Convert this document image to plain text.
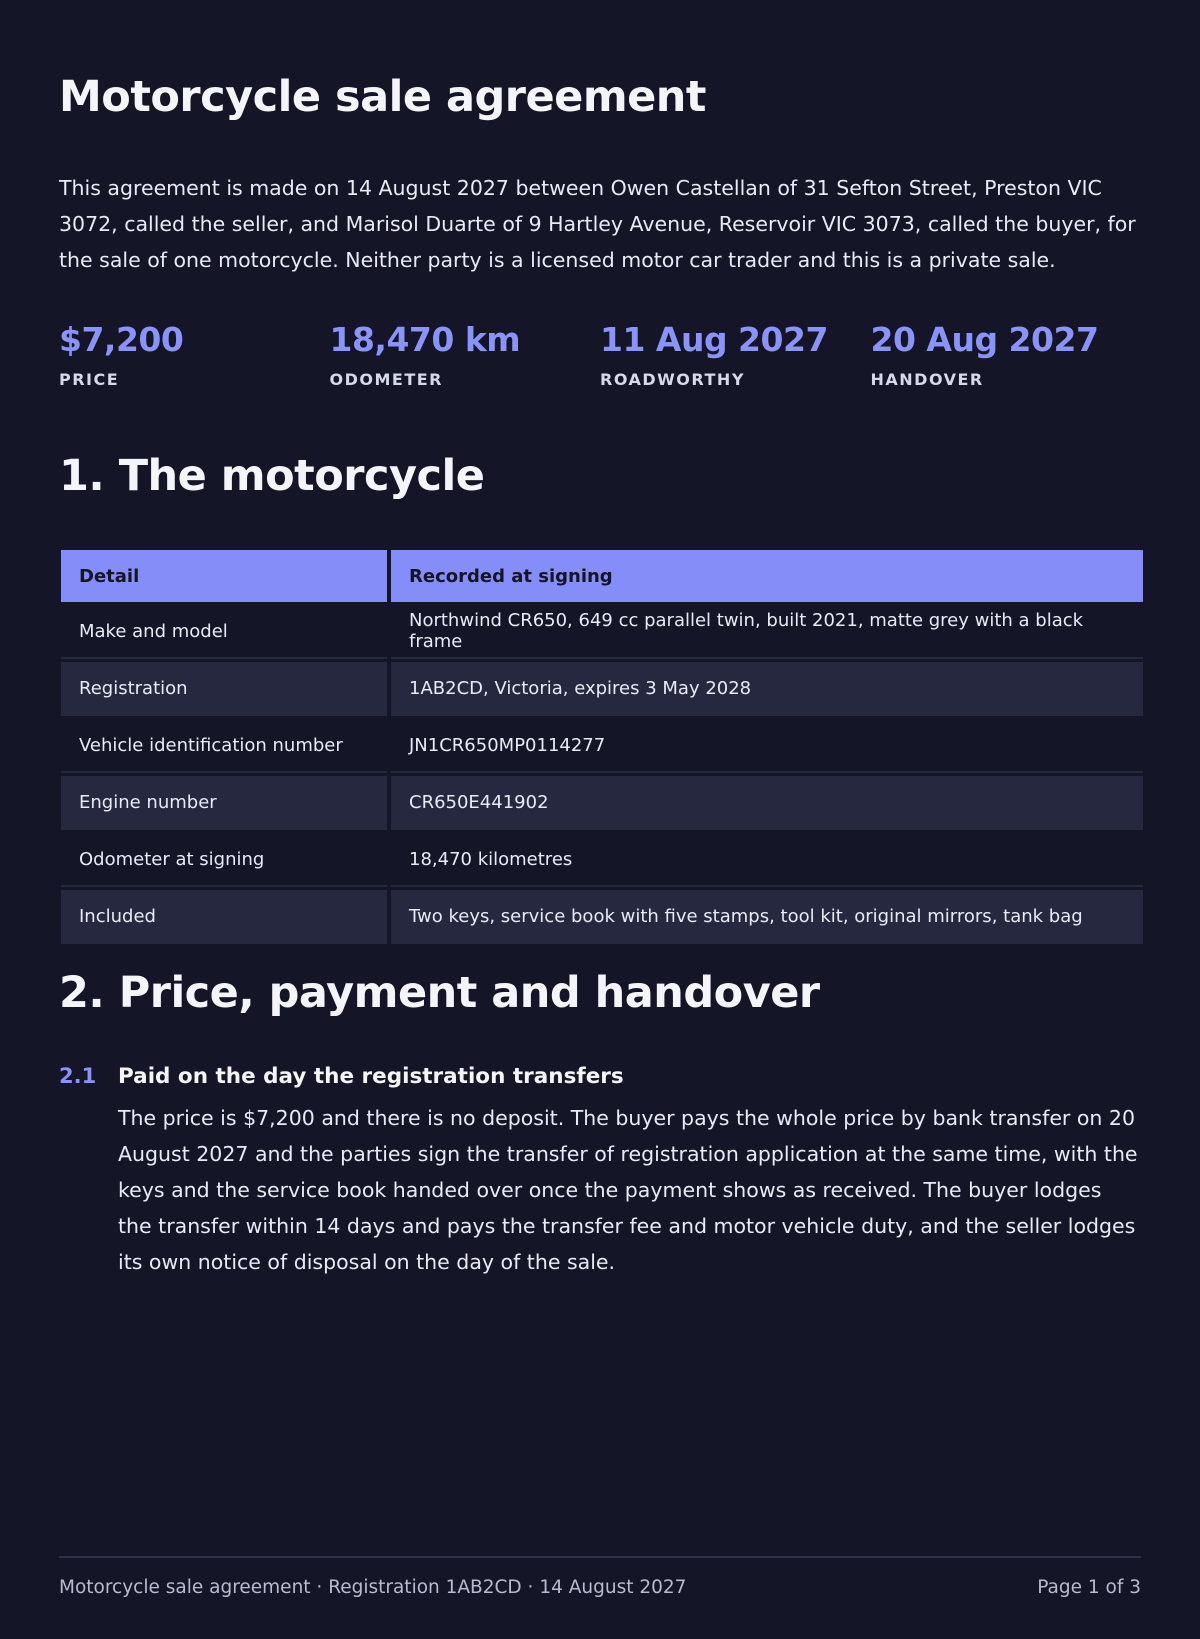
Motorcycle sale agreement

This agreement is made on 14 August 2027 between Owen Castellan of 31 Sefton Street, Preston VIC 3072, called the seller, and Marisol Duarte of 9 Hartley Avenue, Reservoir VIC 3073, called the buyer, for the sale of one motorcycle. Neither party is a licensed motor car trader and this is a private sale.

$7,200
PRICE
18,470 km
ODOMETER
11 Aug 2027
ROADWORTHY
20 Aug 2027
HANDOVER
1. The motorcycle
Detail	Recorded at signing
Make and model	Northwind CR650, 649 cc parallel twin, built 2021, matte grey with a black frame
Registration	1AB2CD, Victoria, expires 3 May 2028
Vehicle identification number	JN1CR650MP0114277
Engine number	CR650E441902
Odometer at signing	18,470 kilometres
Included	Two keys, service book with five stamps, tool kit, original mirrors, tank bag
2. Price, payment and handover
2.1 Paid on the day the registration transfers
The price is $7,200 and there is no deposit. The buyer pays the whole price by bank transfer on 20 August 2027 and the parties sign the transfer of registration application at the same time, with the keys and the service book handed over once the payment shows as received. The buyer lodges the transfer within 14 days and pays the transfer fee and motor vehicle duty, and the seller lodges its own notice of disposal on the day of the sale.
Motorcycle sale agreement · Registration 1AB2CD · 14 August 2027	Page 1 of 3
